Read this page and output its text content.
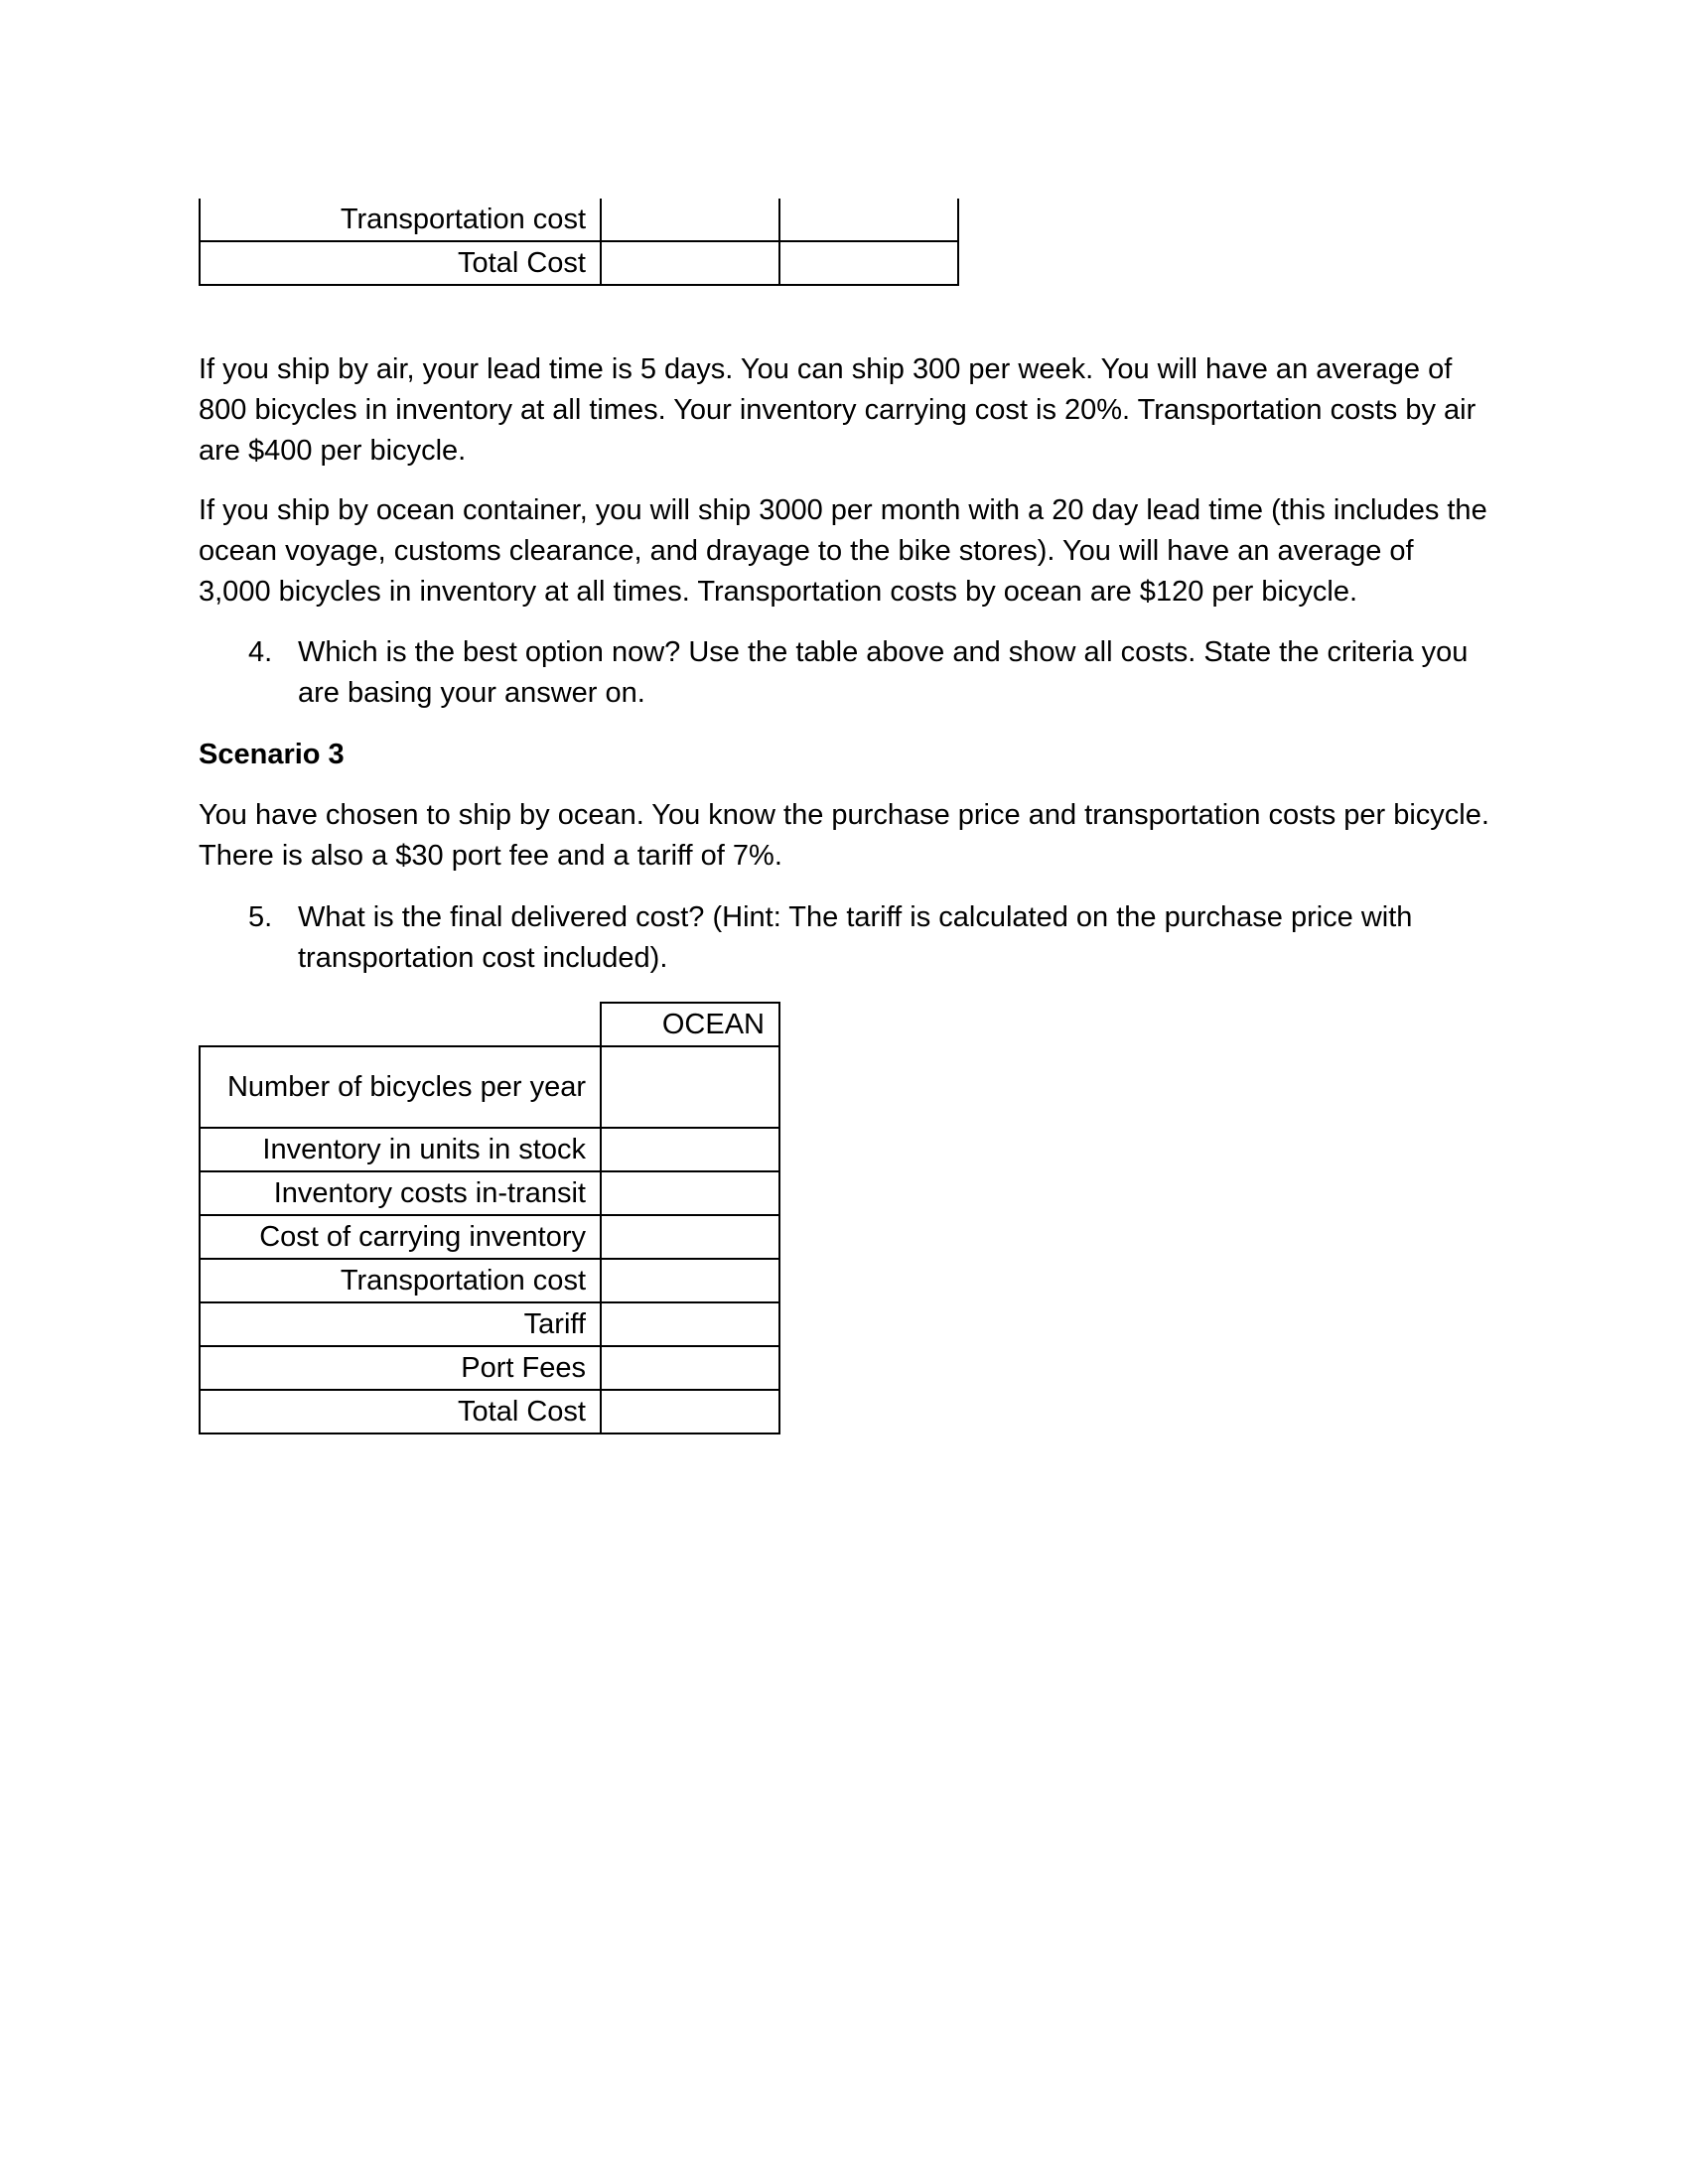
Transportation cost		
Total Cost		

If you ship by air, your lead time is 5 days. You can ship 300 per week. You will have an average of 800 bicycles in inventory at all times. Your inventory carrying cost is 20%. Transportation costs by air are $400 per bicycle.

If you ship by ocean container, you will ship 3000 per month with a 20 day lead time (this includes the ocean voyage, customs clearance, and drayage to the bike stores). You will have an average of 3,000 bicycles in inventory at all times. Transportation costs by ocean are $120 per bicycle.

4. Which is the best option now? Use the table above and show all costs. State the criteria you are basing your answer on.
Scenario 3

You have chosen to ship by ocean. You know the purchase price and transportation costs per bicycle. There is also a $30 port fee and a tariff of 7%.

5. What is the final delivered cost? (Hint: The tariff is calculated on the purchase price with transportation cost included).
	OCEAN
Number of bicycles per year	
Inventory in units in stock	
Inventory costs in-transit	
Cost of carrying inventory	
Transportation cost	
Tariff	
Port Fees	
Total Cost	
